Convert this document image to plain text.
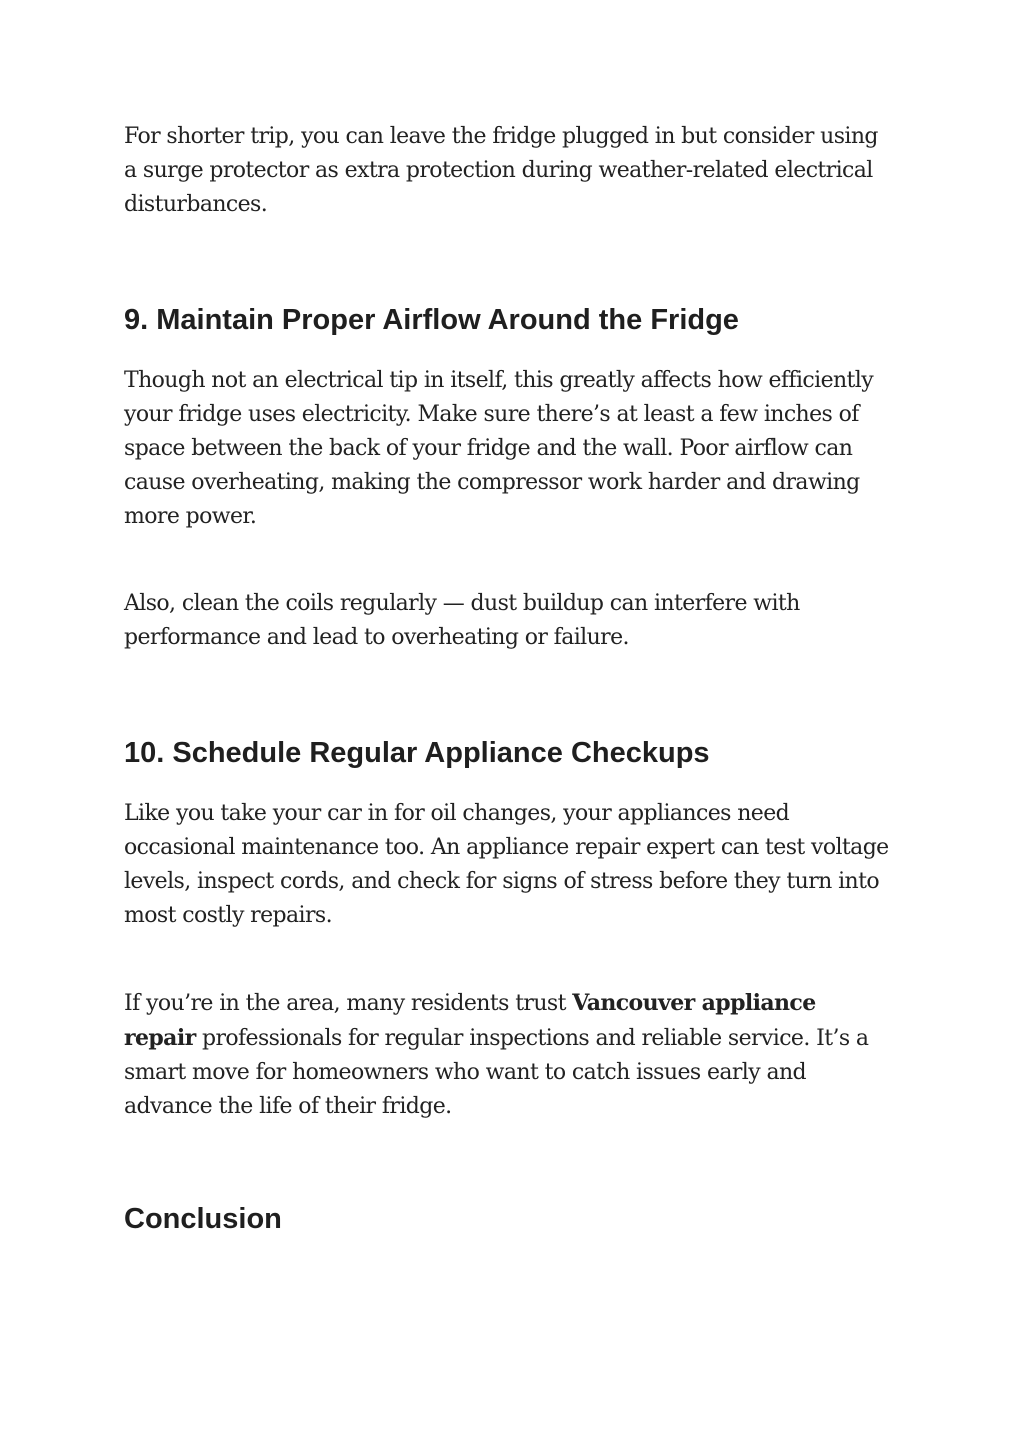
For shorter trip, you can leave the fridge plugged in but consider using a surge protector as extra protection during weather-related electrical disturbances.

9. Maintain Proper Airflow Around the Fridge

Though not an electrical tip in itself, this greatly affects how efficiently your fridge uses electricity. Make sure there’s at least a few inches of space between the back of your fridge and the wall. Poor airflow can cause overheating, making the compressor work harder and drawing more power.

Also, clean the coils regularly — dust buildup can interfere with performance and lead to overheating or failure.

10. Schedule Regular Appliance Checkups

Like you take your car in for oil changes, your appliances need occasional maintenance too. An appliance repair expert can test voltage levels, inspect cords, and check for signs of stress before they turn into most costly repairs.

If you’re in the area, many residents trust Vancouver appliance repair professionals for regular inspections and reliable service. It’s a smart move for homeowners who want to catch issues early and advance the life of their fridge.

Conclusion
